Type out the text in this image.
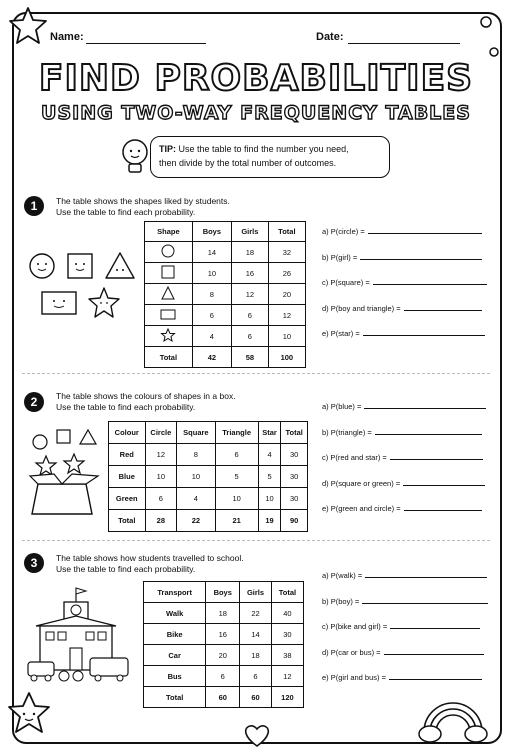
Name:	Date:
FIND PROBABILITIES
USING TWO-WAY FREQUENCY TABLES
TIP: Use the table to find the number you need,
then divide by the total number of outcomes.
1	The table shows the shapes liked by students.
Use the table to find each probability.
Shape	Boys	Girls	Total
	14	18	32
	10	16	26
	8	12	20
	6	6	12
	4	6	10
Total	42	58	100
a) P(circle) =
b) P(girl) =
c) P(square) =
d) P(boy and triangle) =
e) P(star) =
2	The table shows the colours of shapes in a box.
Use the table to find each probability.
Colour	Circle	Square	Triangle	Star	Total
Red	12	8	6	4	30
Blue	10	10	5	5	30
Green	6	4	10	10	30
Total	28	22	21	19	90
a) P(blue) =
b) P(triangle) =
c) P(red and star) =
d) P(square or green) =
e) P(green and circle) =
3	The table shows how students travelled to school.
Use the table to find each probability.
Transport	Boys	Girls	Total
Walk	18	22	40
Bike	16	14	30
Car	20	18	38
Bus	6	6	12
Total	60	60	120
a) P(walk) =
b) P(boy) =
c) P(bike and girl) =
d) P(car or bus) =
e) P(girl and bus) =
